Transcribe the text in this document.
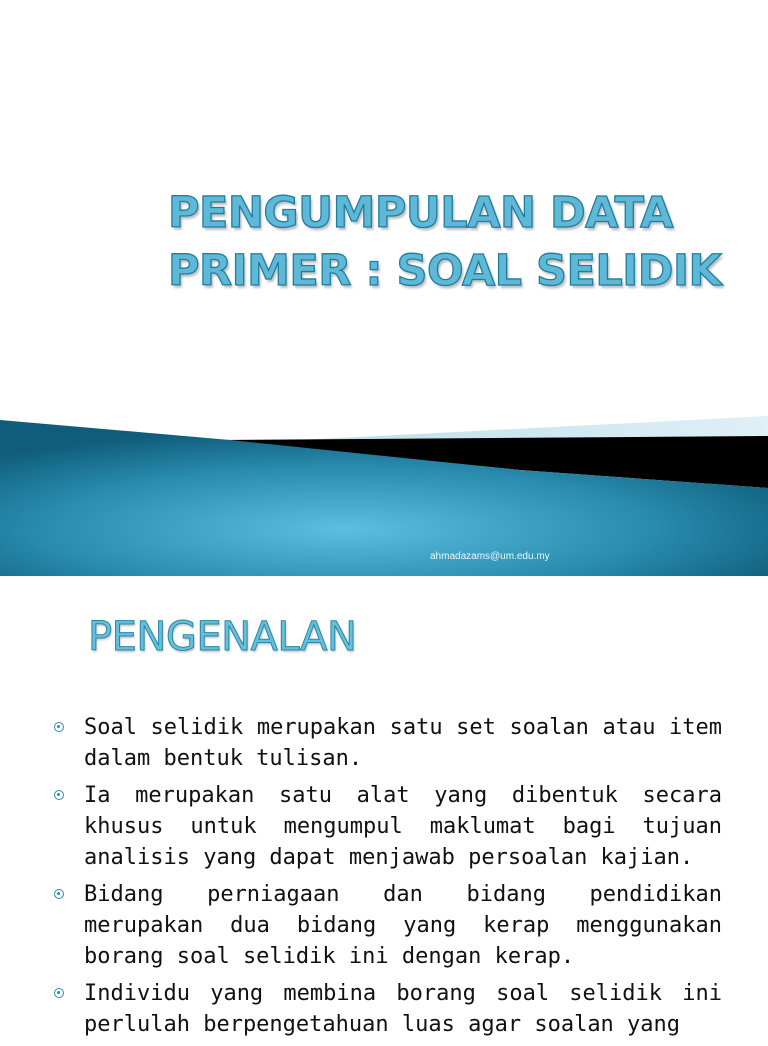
PENGUMPULAN DATA
PRIMER : SOAL SELIDIK
ahmadazams@um.edu.my
PENGENALAN
Soal selidik merupakan satu set soalan atau item dalam bentuk tulisan.
Ia merupakan satu alat yang dibentuk secara khusus untuk mengumpul maklumat bagi tujuan analisis yang dapat menjawab persoalan kajian.
Bidang perniagaan dan bidang pendidikan merupakan dua bidang yang kerap menggunakan borang soal selidik ini dengan kerap.
Individu yang membina borang soal selidik ini perlulah berpengetahuan luas agar soalan yang
